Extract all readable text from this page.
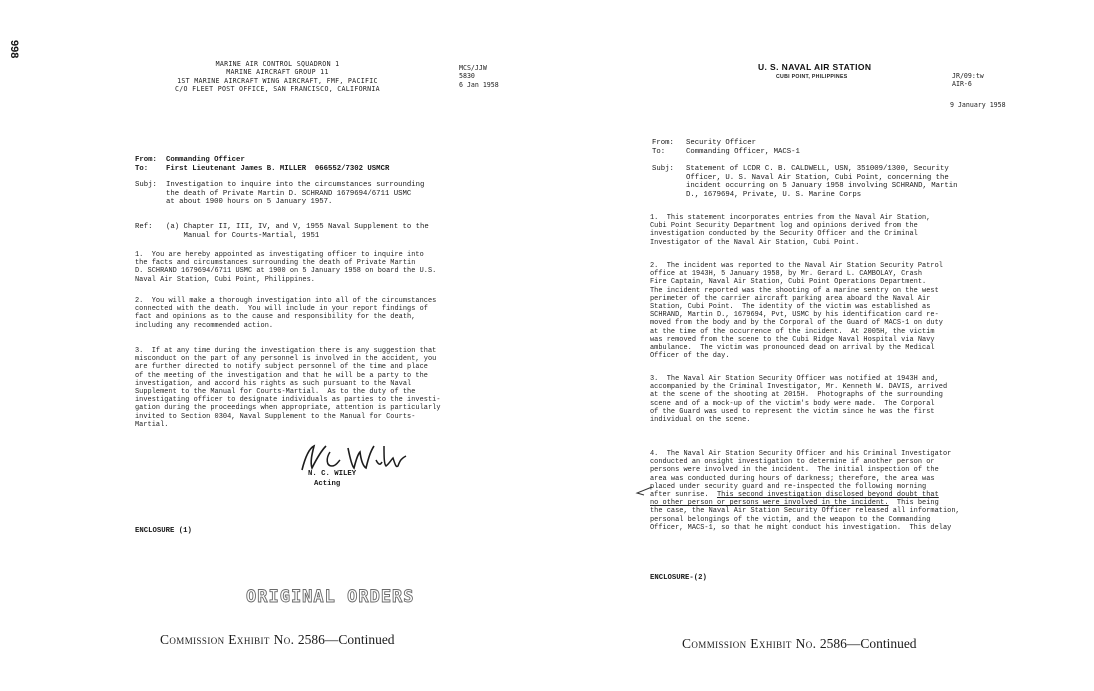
998
MARINE AIR CONTROL SQUADRON 1
MARINE AIRCRAFT GROUP 11
1ST MARINE AIRCRAFT WING AIRCRAFT, FMF, PACIFIC
C/O FLEET POST OFFICE, SAN FRANCISCO, CALIFORNIA
MCS/JJW
5830
6 Jan 1958
From: Commanding Officer
To: First Lieutenant James B. MILLER  066552/7302 USMCR
Subj: Investigation to inquire into the circumstances surrounding
the death of Private Martin D. SCHRAND 1679694/6711 USMC
at about 1900 hours on 5 January 1957.
Ref: (a) Chapter II, III, IV, and V, 1955 Naval Supplement to the
Manual for Courts-Martial, 1951
1.  You are hereby appointed as investigating officer to inquire into
the facts and circumstances surrounding the death of Private Martin
D. SCHRAND 1679694/6711 USMC at 1900 on 5 January 1958 on board the U.S.
Naval Air Station, Cubi Point, Philippines.
2.  You will make a thorough investigation into all of the circumstances
connected with the death.  You will include in your report findings of
fact and opinions as to the cause and responsibility for the death,
including any recommended action.
3.  If at any time during the investigation there is any suggestion that
misconduct on the part of any personnel is involved in the accident, you
are further directed to notify subject personnel of the time and place
of the meeting of the investigation and that he will be a party to the
investigation, and accord his rights as such pursuant to the Naval
Supplement to the Manual for Courts-Martial.  As to the duty of the
investigating officer to designate individuals as parties to the investi-
gation during the proceedings when appropriate, attention is particularly
invited to Section 0304, Naval Supplement to the Manual for Courts-
Martial.
N. C. WILEY
Acting
ENCLOSURE (1)
ORIGINAL ORDERS
Commission Exhibit No. 2586—Continued
U. S. NAVAL AIR STATION
CUBI POINT, PHILIPPINES	JR/09:tw
AIR-6
9 January 1958
From: Security Officer
To:	Commanding Officer, MACS-1
Subj: Statement of LCDR C. B. CALDWELL, USN, 351009/1300, Security
Officer, U. S. Naval Air Station, Cubi Point, concerning the
incident occurring on 5 January 1958 involving SCHRAND, Martin
D., 1679694, Private, U. S. Marine Corps
1.  This statement incorporates entries from the Naval Air Station,
Cubi Point Security Department log and opinions derived from the
investigation conducted by the Security Officer and the Criminal
Investigator of the Naval Air Station, Cubi Point.
2.  The incident was reported to the Naval Air Station Security Patrol
office at 1943H, 5 January 1958, by Mr. Gerard L. CAMBOLAY, Crash
Fire Captain, Naval Air Station, Cubi Point Operations Department.
The incident reported was the shooting of a marine sentry on the west
perimeter of the carrier aircraft parking area aboard the Naval Air
Station, Cubi Point.  The identity of the victim was established as
SCHRAND, Martin D., 1679694, Pvt, USMC by his identification card re-
moved from the body and by the Corporal of the Guard of MACS-1 on duty
at the time of the occurrence of the incident.  At 2005H, the victim
was removed from the scene to the Cubi Ridge Naval Hospital via Navy
ambulance.  The victim was pronounced dead on arrival by the Medical
Officer of the day.
3.  The Naval Air Station Security Officer was notified at 1943H and,
accompanied by the Criminal Investigator, Mr. Kenneth W. DAVIS, arrived
at the scene of the shooting at 2015H.  Photographs of the surrounding
scene and of a mock-up of the victim's body were made.  The Corporal
of the Guard was used to represent the victim since he was the first
individual on the scene.
4.  The Naval Air Station Security Officer and his Criminal Investigator
conducted an onsight investigation to determine if another person or
persons were involved in the incident.  The initial inspection of the
area was conducted during hours of darkness; therefore, the area was
placed under security guard and re-inspected the following morning
after sunrise.  This second investigation disclosed beyond doubt that
no other person or persons were involved in the incident.  This being
the case, the Naval Air Station Security Officer released all information,
personal belongings of the victim, and the weapon to the Commanding
Officer, MACS-1, so that he might conduct his investigation.  This delay
ENCLOSURE-(2)
Commission Exhibit No. 2586—Continued
